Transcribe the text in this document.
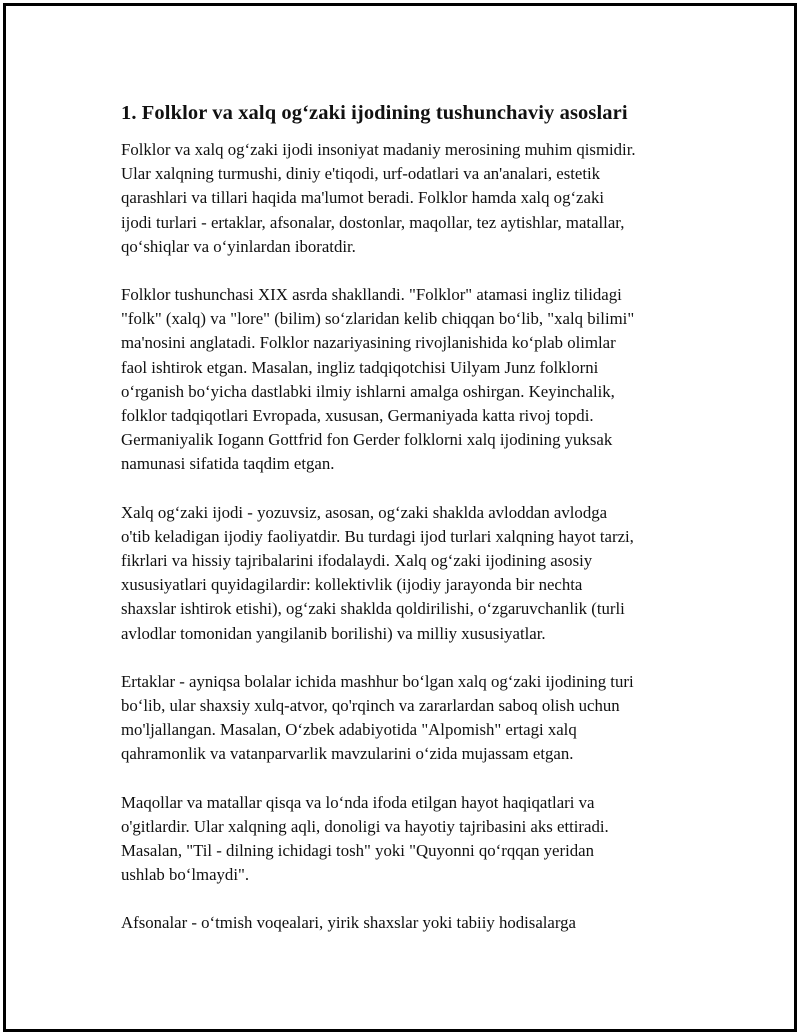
1. Folklor va xalq og‘zaki ijodining tushunchaviy asoslari

Folklor va xalq og‘zaki ijodi insoniyat madaniy merosining muhim qismidir.
Ular xalqning turmushi, diniy e'tiqodi, urf-odatlari va an'analari, estetik
qarashlari va tillari haqida ma'lumot beradi. Folklor hamda xalq og‘zaki
ijodi turlari - ertaklar, afsonalar, dostonlar, maqollar, tez aytishlar, matallar,
qo‘shiqlar va o‘yinlardan iboratdir.

Folklor tushunchasi XIX asrda shakllandi. "Folklor" atamasi ingliz tilidagi
"folk" (xalq) va "lore" (bilim) so‘zlaridan kelib chiqqan bo‘lib, "xalq bilimi"
ma'nosini anglatadi. Folklor nazariyasining rivojlanishida ko‘plab olimlar
faol ishtirok etgan. Masalan, ingliz tadqiqotchisi Uilyam Junz folklorni
o‘rganish bo‘yicha dastlabki ilmiy ishlarni amalga oshirgan. Keyinchalik,
folklor tadqiqotlari Evropada, xususan, Germaniyada katta rivoj topdi.
Germaniyalik Iogann Gottfrid fon Gerder folklorni xalq ijodining yuksak
namunasi sifatida taqdim etgan.

Xalq og‘zaki ijodi - yozuvsiz, asosan, og‘zaki shaklda avloddan avlodga
o'tib keladigan ijodiy faoliyatdir. Bu turdagi ijod turlari xalqning hayot tarzi,
fikrlari va hissiy tajribalarini ifodalaydi. Xalq og‘zaki ijodining asosiy
xususiyatlari quyidagilardir: kollektivlik (ijodiy jarayonda bir nechta
shaxslar ishtirok etishi), og‘zaki shaklda qoldirilishi, o‘zgaruvchanlik (turli
avlodlar tomonidan yangilanib borilishi) va milliy xususiyatlar.

Ertaklar - ayniqsa bolalar ichida mashhur bo‘lgan xalq og‘zaki ijodining turi
bo‘lib, ular shaxsiy xulq-atvor, qo'rqinch va zararlardan saboq olish uchun
mo'ljallangan. Masalan, O‘zbek adabiyotida "Alpomish" ertagi xalq
qahramonlik va vatanparvarlik mavzularini o‘zida mujassam etgan.

Maqollar va matallar qisqa va lo‘nda ifoda etilgan hayot haqiqatlari va
o'gitlardir. Ular xalqning aqli, donoligi va hayotiy tajribasini aks ettiradi.
Masalan, "Til - dilning ichidagi tosh" yoki "Quyonni qo‘rqqan yeridan
ushlab bo‘lmaydi".

Afsonalar - o‘tmish voqealari, yirik shaxslar yoki tabiiy hodisalarga
